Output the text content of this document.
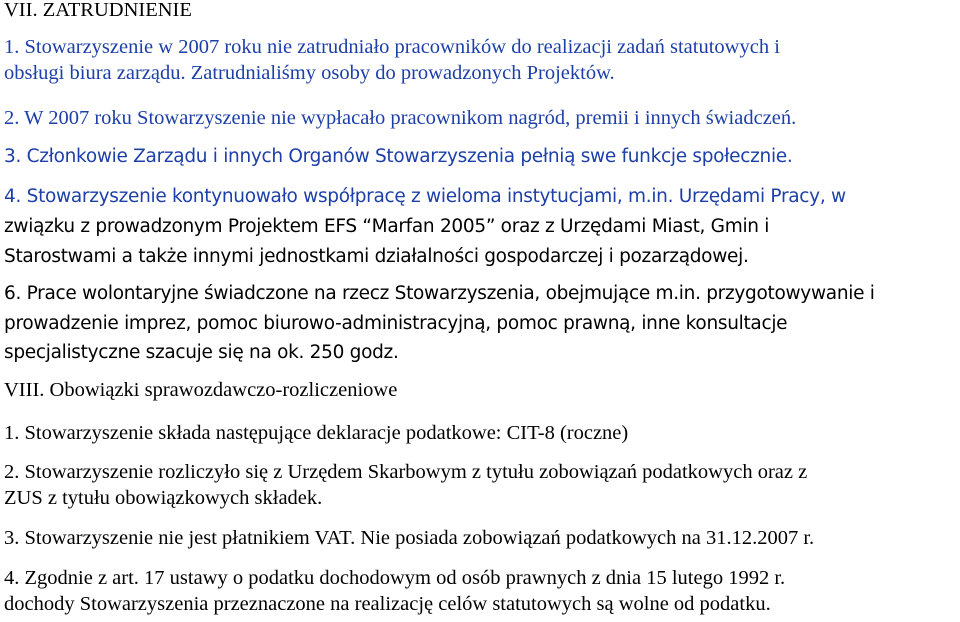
VII. ZATRUDNIENIE
1. Stowarzyszenie w 2007 roku nie zatrudniało pracowników do realizacji zadań statutowych i
obsługi biura zarządu. Zatrudnialiśmy osoby do prowadzonych Projektów.
2. W 2007 roku Stowarzyszenie nie wypłacało pracownikom nagród, premii i innych świadczeń.
3. Członkowie Zarządu i innych Organów Stowarzyszenia pełnią swe funkcje społecznie.
4. Stowarzyszenie kontynuowało współpracę z wieloma instytucjami, m.in. Urzędami Pracy, w
związku z prowadzonym Projektem EFS “Marfan 2005” oraz z Urzędami Miast, Gmin i
Starostwami a także innymi jednostkami działalności gospodarczej i pozarządowej.
6. Prace wolontaryjne świadczone na rzecz Stowarzyszenia, obejmujące m.in. przygotowywanie i
prowadzenie imprez, pomoc biurowo-administracyjną, pomoc prawną, inne konsultacje
specjalistyczne szacuje się na ok. 250 godz.
VIII. Obowiązki sprawozdawczo-rozliczeniowe
1. Stowarzyszenie składa następujące deklaracje podatkowe: CIT-8 (roczne)
2. Stowarzyszenie rozliczyło się z Urzędem Skarbowym z tytułu zobowiązań podatkowych oraz z
ZUS z tytułu obowiązkowych składek.
3. Stowarzyszenie nie jest płatnikiem VAT. Nie posiada zobowiązań podatkowych na 31.12.2007 r.
4. Zgodnie z art. 17 ustawy o podatku dochodowym od osób prawnych z dnia 15 lutego 1992 r.
dochody Stowarzyszenia przeznaczone na realizację celów statutowych są wolne od podatku.
